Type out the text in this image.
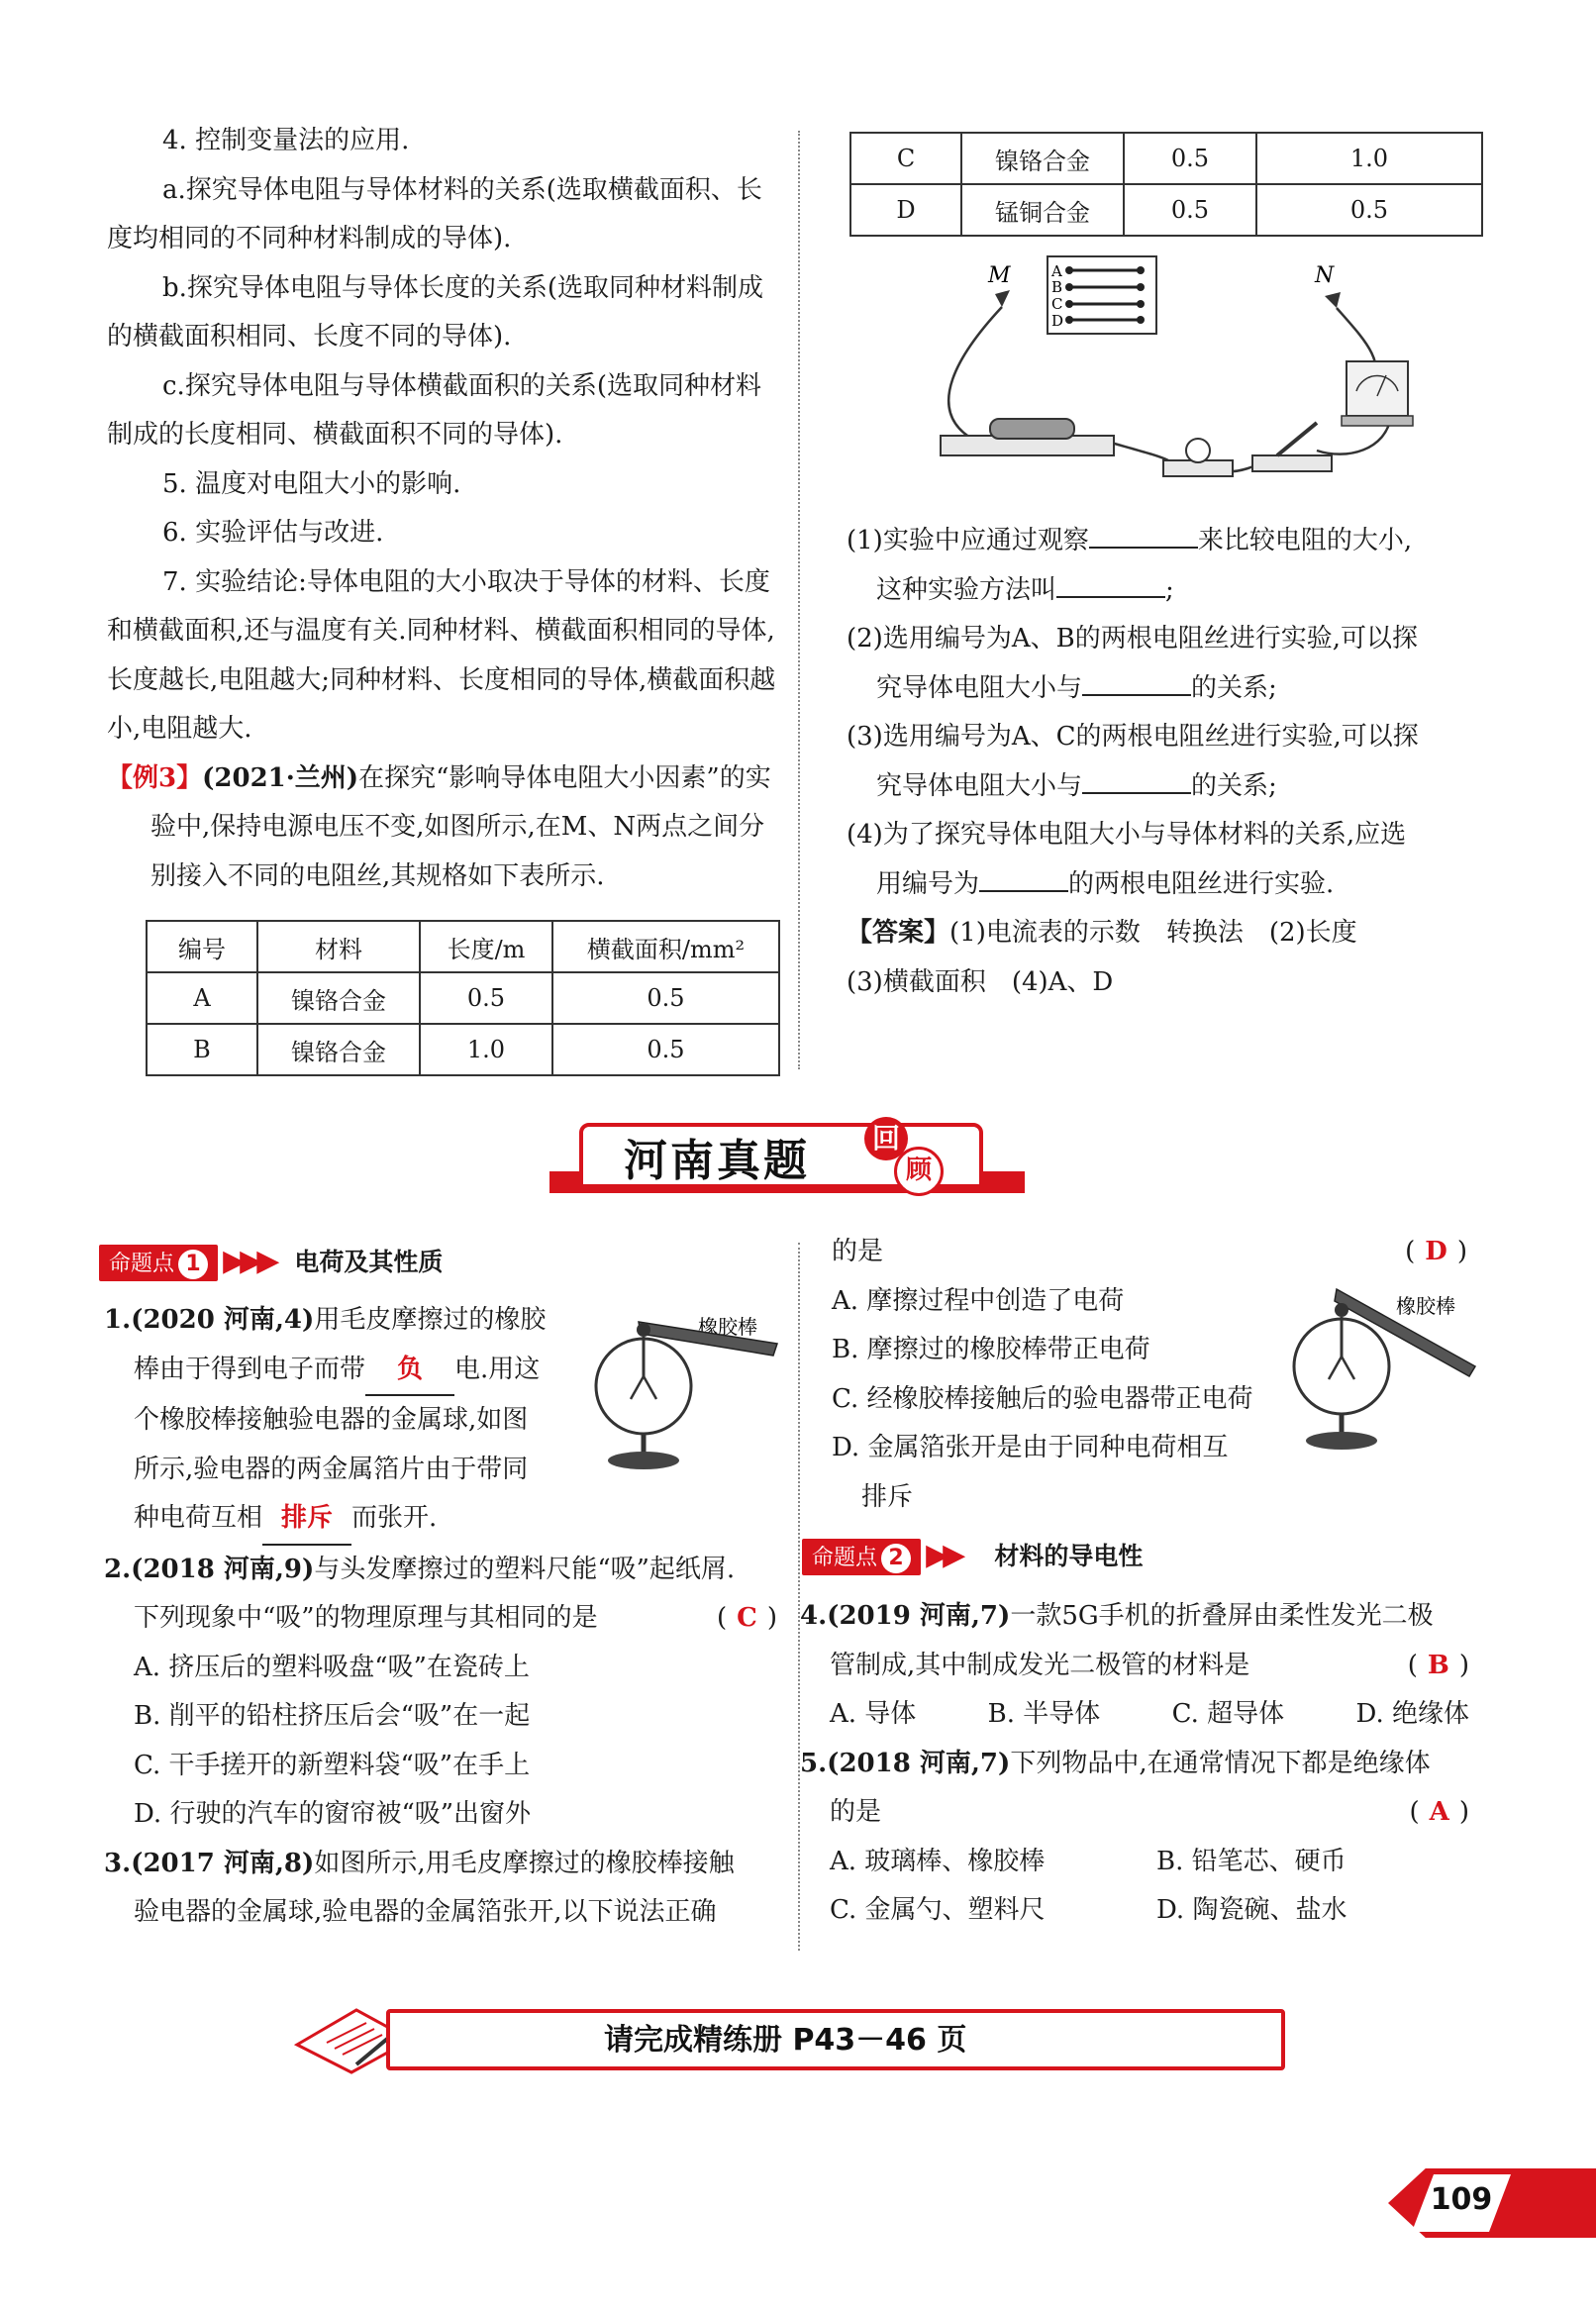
4. 控制变量法的应用.

a.探究导体电阻与导体材料的关系(选取横截面积、长度均相同的不同种材料制成的导体).

b.探究导体电阻与导体长度的关系(选取同种材料制成的横截面积相同、长度不同的导体).

c.探究导体电阻与导体横截面积的关系(选取同种材料制成的长度相同、横截面积不同的导体).

5. 温度对电阻大小的影响.

6. 实验评估与改进.

7. 实验结论:导体电阻的大小取决于导体的材料、长度和横截面积,还与温度有关.同种材料、横截面积相同的导体,长度越长,电阻越大;同种材料、长度相同的导体,横截面积越小,电阻越大.

【例3】(2021·兰州)在探究“影响导体电阻大小因素”的实验中,保持电源电压不变,如图所示,在M、N两点之间分别接入不同的电阻丝,其规格如下表所示.

编号	材料	长度/m	横截面积/mm²
A	镍铬合金	0.5	0.5
B	镍铬合金	1.0	0.5
C	镍铬合金	0.5	1.0
D	锰铜合金	0.5	0.5
A
B
C
D
M	N

(1)实验中应通过观察	来比较电阻的大小,

这种实验方法叫	;

(2)选用编号为A、B的两根电阻丝进行实验,可以探

究导体电阻大小与	的关系;

(3)选用编号为A、C的两根电阻丝进行实验,可以探

究导体电阻大小与	的关系;

(4)为了探究导体电阻大小与导体材料的关系,应选

用编号为	的两根电阻丝进行实验.

【答案】(1)电流表的示数　转换法　(2)长度

(3)横截面积　(4)A、D

河南真题 回
顾
命题点 1 ▶▶▶ 电荷及其性质

1.(2020 河南,4)用毛皮摩擦过的橡胶

棒由于得到电子而带 负 电.用这

个橡胶棒接触验电器的金属球,如图

所示,验电器的两金属箔片由于带同

种电荷互相 排斥 而张开.

2.(2018 河南,9)与头发摩擦过的塑料尺能“吸”起纸屑.

下列现象中“吸”的物理原理与其相同的是	( C )

A. 挤压后的塑料吸盘“吸”在瓷砖上

B. 削平的铅柱挤压后会“吸”在一起

C. 干手搓开的新塑料袋“吸”在手上

D. 行驶的汽车的窗帘被“吸”出窗外

3.(2017 河南,8)如图所示,用毛皮摩擦过的橡胶棒接触

验电器的金属球,验电器的金属箔张开,以下说法正确

橡胶棒

的是	( D )

A. 摩擦过程中创造了电荷

B. 摩擦过的橡胶棒带正电荷

C. 经橡胶棒接触后的验电器带正电荷

D. 金属箔张开是由于同种电荷相互

排斥

橡胶棒
命题点 2 ▶▶ 材料的导电性

4.(2019 河南,7)一款5G手机的折叠屏由柔性发光二极

管制成,其中制成发光二极管的材料是	( B )

A. 导体	B. 半导体	C. 超导体	D. 绝缘体

5.(2018 河南,7)下列物品中,在通常情况下都是绝缘体

的是	( A )

A. 玻璃棒、橡胶棒	B. 铅笔芯、硬币

C. 金属勺、塑料尺	D. 陶瓷碗、盐水

请完成精练册 P43－46 页
109
